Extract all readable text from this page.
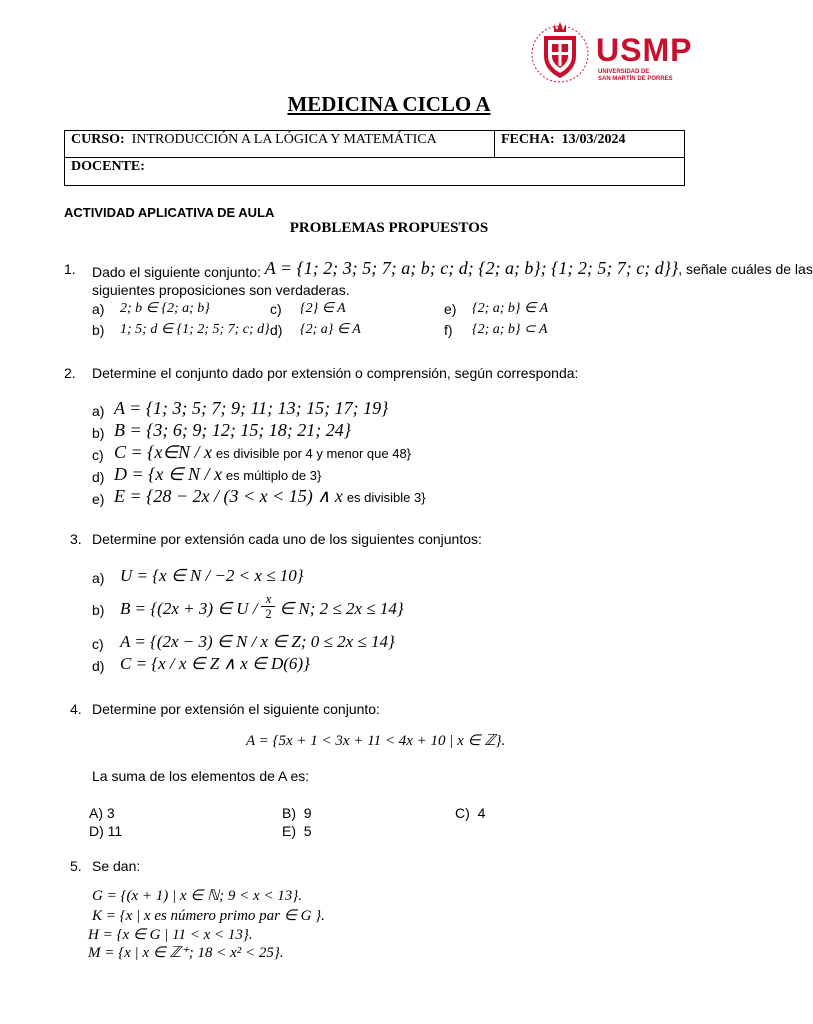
USMP
UNIVERSIDAD DE
SAN MARTÍN DE PORRES
MEDICINA CICLO A
CURSO: INTRODUCCIÓN A LA LÓGICA Y MATEMÁTICA	FECHA: 13/03/2024
DOCENTE:
ACTIVIDAD APLICATIVA DE AULA
PROBLEMAS PROPUESTOS
1. Dado el siguiente conjunto: A = {1; 2; 3; 5; 7; a; b; c; d; {2; a; b}; {1; 2; 5; 7; c; d}}, señale cuáles de las
siguientes proposiciones son verdaderas.
a) 2; b ∈ {2; a; b}	c) {2} ∈ A	e) {2; a; b} ∈ A
b) 1; 5; d ∈ {1; 2; 5; 7; c; d} d) {2; a} ∈ A	f) {2; a; b} ⊂ A
2. Determine el conjunto dado por extensión o comprensión, según corresponda:
a) A = {1; 3; 5; 7; 9; 11; 13; 15; 17; 19}
b) B = {3; 6; 9; 12; 15; 18; 21; 24}
c) C = {x∈N / x es divisible por 4 y menor que 48}
d) D = {x ∈ N / x es múltiplo de 3}
e) E = {28 − 2x / (3 < x < 15) ∧ x es divisible 3}
3. Determine por extensión cada uno de los siguientes conjuntos:
a) U = {x ∈ N / −2 < x ≤ 10}
b) B = {(2x + 3) ∈ U / $\frac{x}{2}$ ∈ N; 2 ≤ 2x ≤ 14}
c) A = {(2x − 3) ∈ N / x ∈ Z; 0 ≤ 2x ≤ 14}
d) C = {x / x ∈ Z ∧ x ∈ D(6)}
4. Determine por extensión el siguiente conjunto:
A = {5x + 1 < 3x + 11 < 4x + 10 | x ∈ ℤ}.
La suma de los elementos de A es:
A) 3	B) 9	C) 4
D) 11	E) 5
5. Se dan:
G = {(x + 1) | x ∈ ℕ; 9 < x < 13}.
K = {x | x es número primo par ∈ G }.
H = {x ∈ G | 11 < x < 13}.
M = {x | x ∈ ℤ⁺; 18 < x² < 25}.
